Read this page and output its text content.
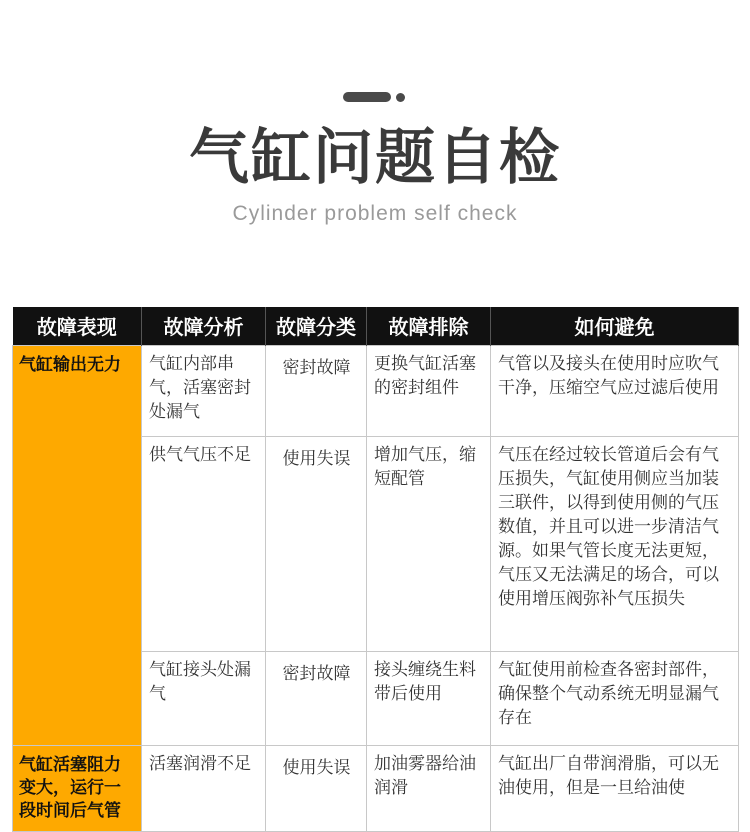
气缸问题自检
Cylinder problem self check
故障表现	故障分析	故障分类	故障排除	如何避免
气缸输出无力	气缸内部串气，活塞密封处漏气	密封故障	更换气缸活塞的密封组件	气管以及接头在使用时应吹气干净，压缩空气应过滤后使用
	供气气压不足	使用失误	增加气压，缩短配管	气压在经过较长管道后会有气压损失，气缸使用侧应当加装三联件，以得到使用侧的气压数值，并且可以进一步清洁气源。如果气管长度无法更短，气压又无法满足的场合，可以使用增压阀弥补气压损失
	气缸接头处漏气	密封故障	接头缠绕生料带后使用	气缸使用前检查各密封部件，确保整个气动系统无明显漏气存在
气缸活塞阻力变大，运行一段时间后气管	活塞润滑不足	使用失误	加油雾器给油润滑	气缸出厂自带润滑脂，可以无油使用，但是一旦给油使
